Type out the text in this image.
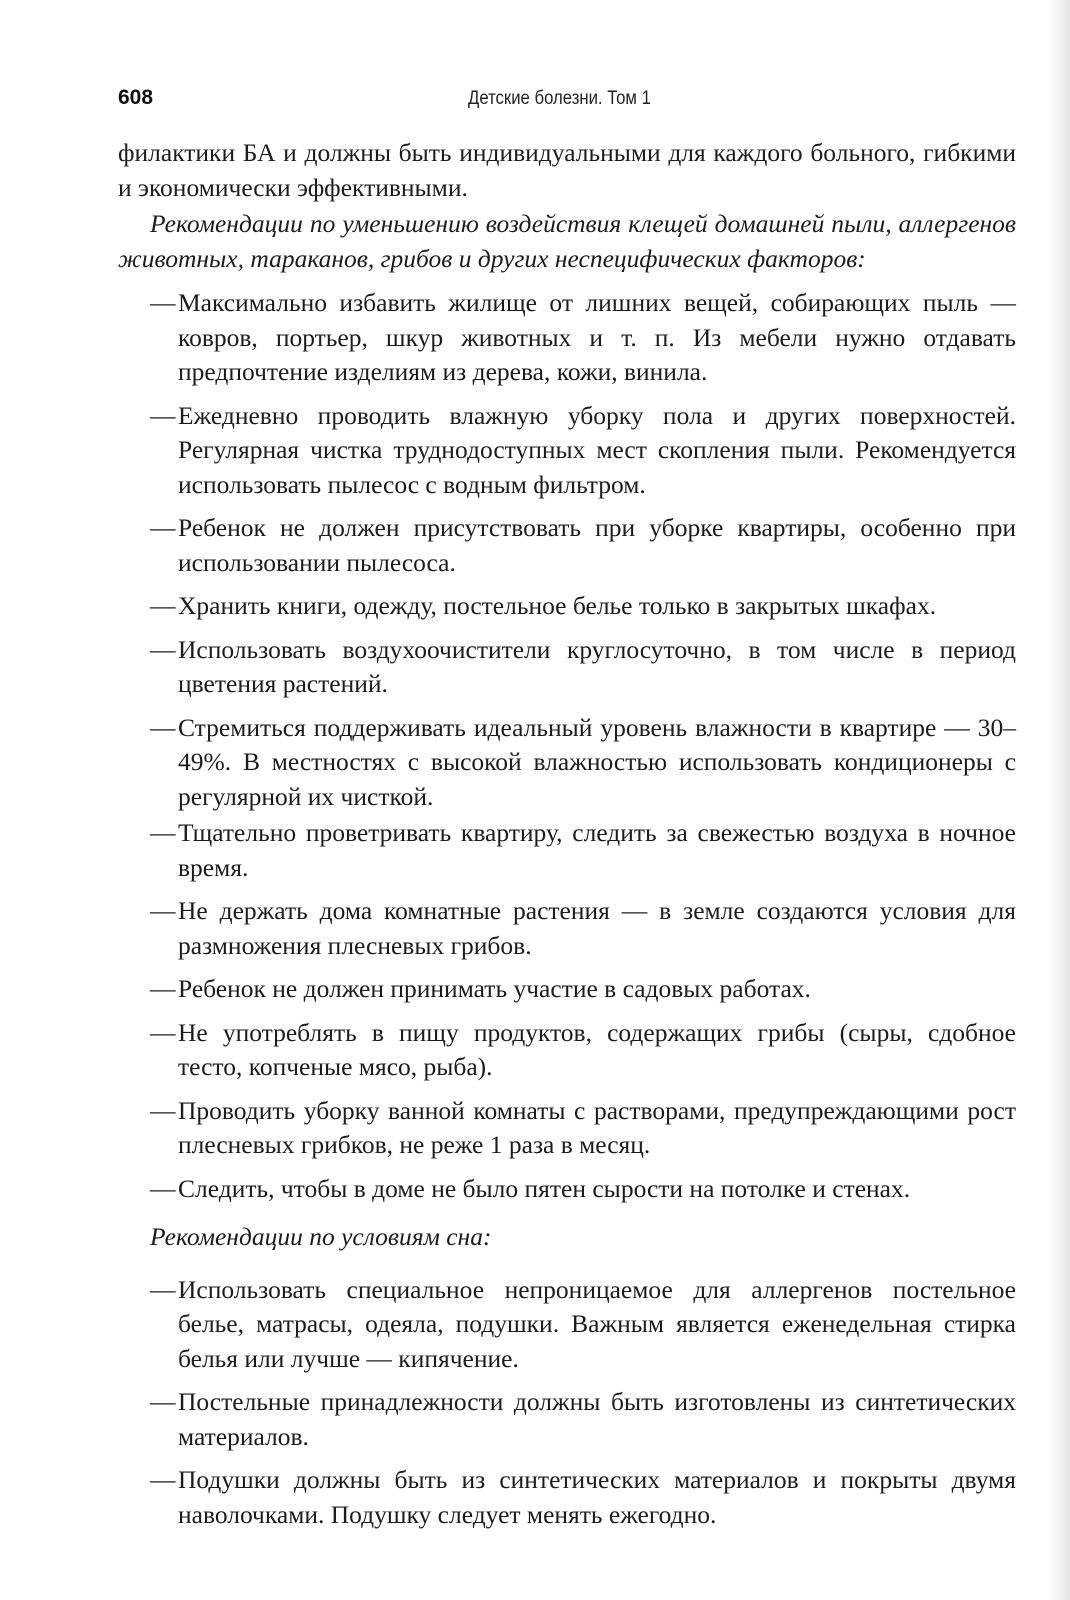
608	Детские болезни. Том 1

филактики БА и должны быть индивидуальными для каждого больного, гибкими и экономически эффективными.

Рекомендации по уменьшению воздействия клещей домашней пыли, аллергенов животных, тараканов, грибов и других неспецифических факторов:

— Максимально избавить жилище от лишних вещей, собирающих пыль — ковров, портьер, шкур животных и т. п. Из мебели нужно отдавать предпочтение изделиям из дерева, кожи, винила.
— Ежедневно проводить влажную уборку пола и других поверхностей. Регулярная чистка труднодоступных мест скопления пыли. Рекомендуется использовать пылесос с водным фильтром.
— Ребенок не должен присутствовать при уборке квартиры, особенно при использовании пылесоса.
— Хранить книги, одежду, постельное белье только в закрытых шкафах.
— Использовать воздухоочистители круглосуточно, в том числе в период цветения растений.
— Стремиться поддерживать идеальный уровень влажности в квартире — 30–49%. В местностях с высокой влажностью использовать кондиционеры с регулярной их чисткой.
— Тщательно проветривать квартиру, следить за свежестью воздуха в ночное время.
— Не держать дома комнатные растения — в земле создаются условия для размножения плесневых грибов.
— Ребенок не должен принимать участие в садовых работах.
— Не употреблять в пищу продуктов, содержащих грибы (сыры, сдобное тесто, копченые мясо, рыба).
— Проводить уборку ванной комнаты с растворами, предупреждающими рост плесневых грибков, не реже 1 раза в месяц.
— Следить, чтобы в доме не было пятен сырости на потолке и стенах.

Рекомендации по условиям сна:

— Использовать специальное непроницаемое для аллергенов постельное белье, матрасы, одеяла, подушки. Важным является еженедельная стирка белья или лучше — кипячение.
— Постельные принадлежности должны быть изготовлены из синтетических материалов.
— Подушки должны быть из синтетических материалов и покрыты двумя наволочками. Подушку следует менять ежегодно.
